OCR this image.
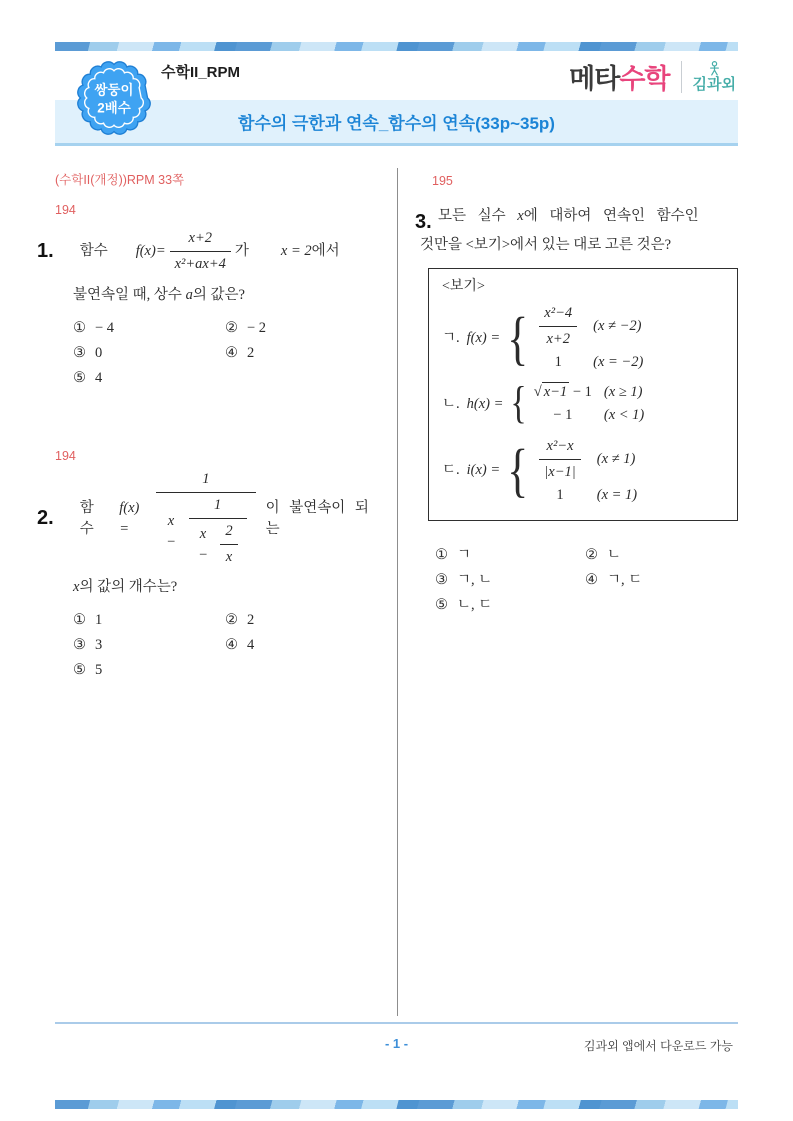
쌍둥이
2배수
수학II_RPM	메타수학 김과외
함수의 극한과 연속_함수의 연속(33p~35p)
(수학II(개정))RPM 33쪽
194
1. 함수 $f(x)= \frac{x+2}{\text{x²+ax+4}}$ 가 x = 2에서
불연속일 때, 상수 a의 값은?
① − 4	② − 2
③ 0	④ 2
⑤ 4
194
2. 함수
f(x) =
1
$x - \frac{1}{x - \frac{2}{x}}$ 이 불연속이 되는
x의 값의 개수는?
① 1	② 2
③ 3	④ 4
⑤ 5
195
3. 모든 실수 x에 대하여 연속인 함수인
것만을 <보기>에서 있는 대로 고른 것은?
<보기>
ㄱ. f(x) = { $\frac{\text{x²−4}}{x+2} (x \ne -2)$
1	(x = −2)
ㄴ. h(x) = { √ x−1 − 1 (x ≥ 1)
− 1	(x < 1)
ㄷ. i(x) = { $\frac{\text{x²−x}}{|x-1|} (x \ne 1)$
1	(x = 1)
① ㄱ	② ㄴ
③ ㄱ, ㄴ	④ ㄱ, ㄷ
⑤ ㄴ, ㄷ
- 1 -	김과외 앱에서 다운로드 가능
